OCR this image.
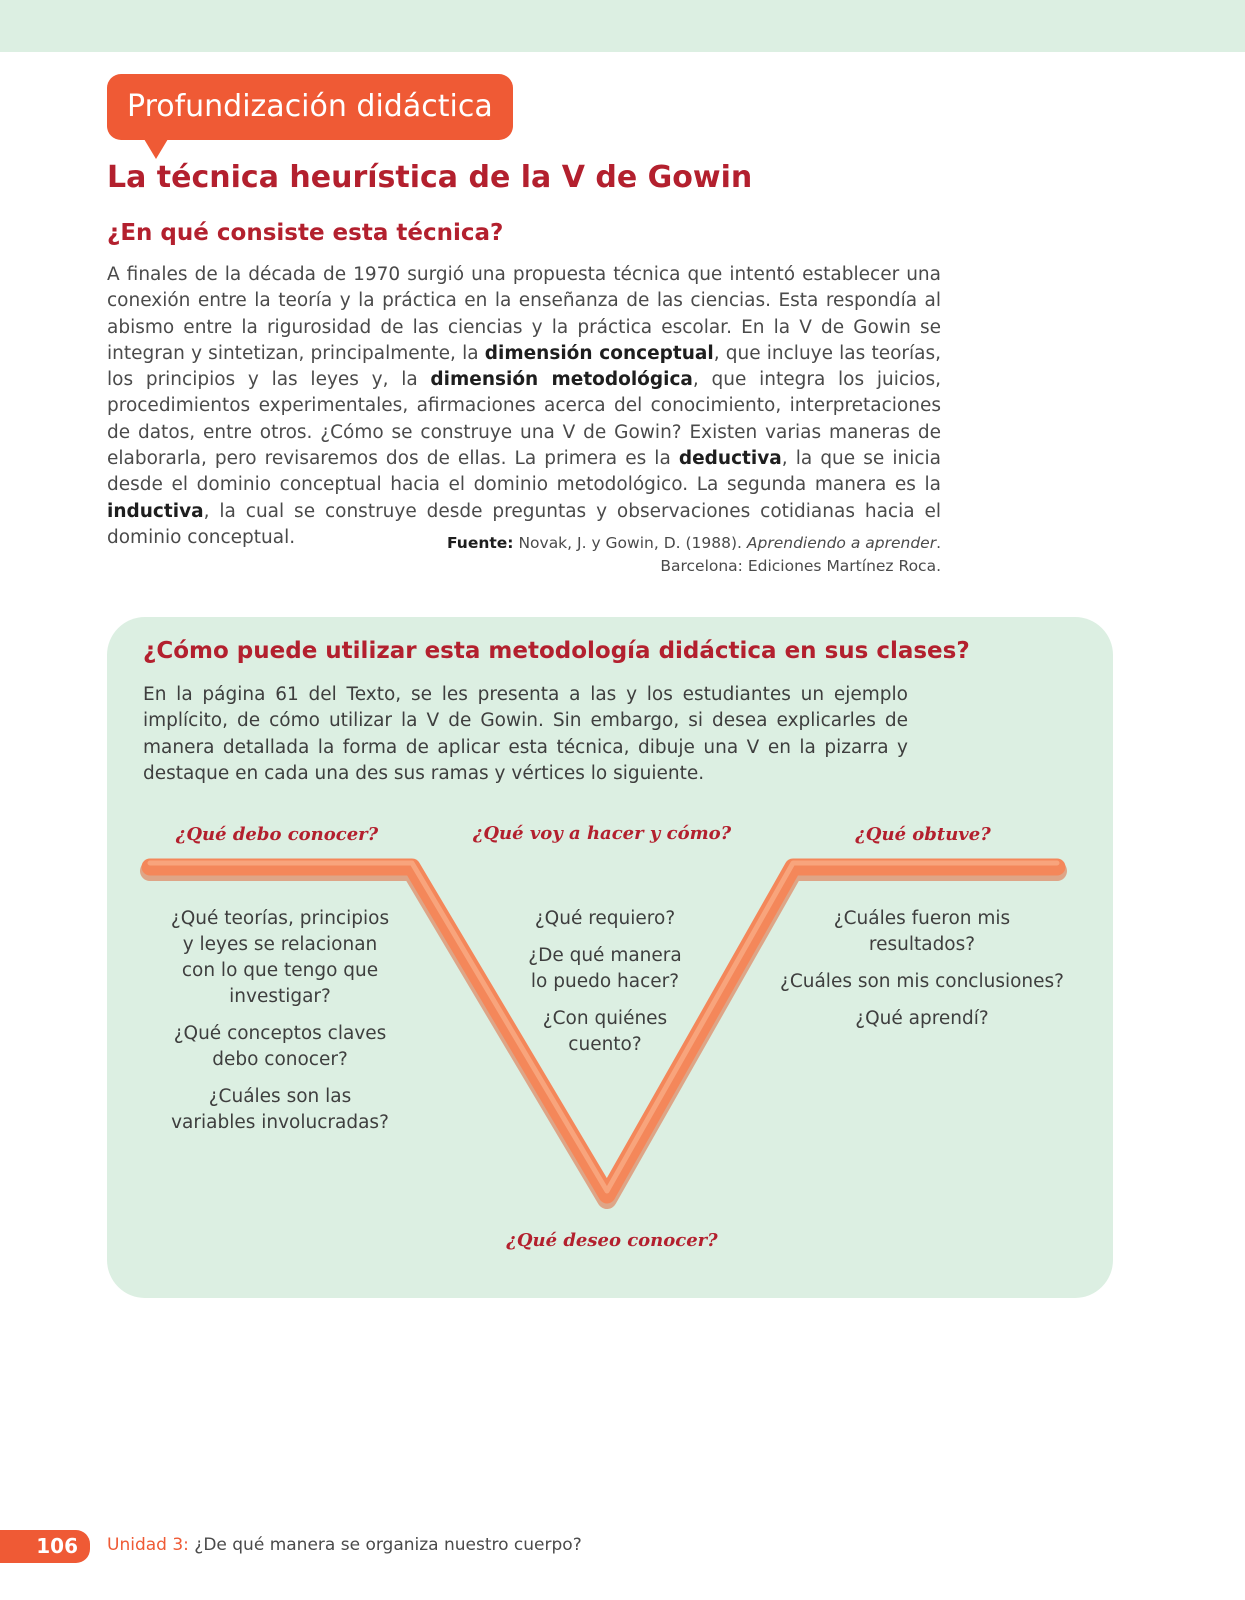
Profundización didáctica
La técnica heurística de la V de Gowin
¿En qué consiste esta técnica?

A finales de la década de 1970 surgió una propuesta técnica que intentó establecer una conexión entre la teoría y la práctica en la enseñanza de las ciencias. Esta respondía al abismo entre la rigurosidad de las ciencias y la práctica escolar. En la V de Gowin se integran y sintetizan, principalmente, la dimensión conceptual, que incluye las teorías, los principios y las leyes y, la dimensión metodológica, que integra los juicios, procedimientos experimentales, afirmaciones acerca del conocimiento, interpretaciones de datos, entre otros. ¿Cómo se construye una V de Gowin? Existen varias maneras de elaborarla, pero revisaremos dos de ellas. La primera es la deductiva, la que se inicia desde el dominio conceptual hacia el dominio metodológico. La segunda manera es la inductiva, la cual se construye desde preguntas y observaciones cotidianas hacia el dominio conceptual.	Fuente: Novak, J. y Gowin, D. (1988). Aprendiendo a aprender.
Barcelona: Ediciones Martínez Roca.
¿Cómo puede utilizar esta metodología didáctica en sus clases?

En la página 61 del Texto, se les presenta a las y los estudiantes un ejemplo implícito, de cómo utilizar la V de Gowin. Sin embargo, si desea explicarles de manera detallada la forma de aplicar esta técnica, dibuje una V en la pizarra y destaque en cada una des sus ramas y vértices lo siguiente.

¿Qué debo conocer?	¿Qué voy a hacer y cómo?	¿Qué obtuve?
¿Qué deseo conocer?

¿Qué teorías, principios y leyes se relacionan con lo que tengo que investigar?

¿Qué conceptos claves debo conocer?

¿Cuáles son las variables involucradas?

¿Qué requiero?

¿De qué manera lo puedo hacer?

¿Con quiénes cuento?

¿Cuáles fueron mis resultados?

¿Cuáles son mis conclusiones?

¿Qué aprendí?

106	Unidad 3: ¿De qué manera se organiza nuestro cuerpo?
